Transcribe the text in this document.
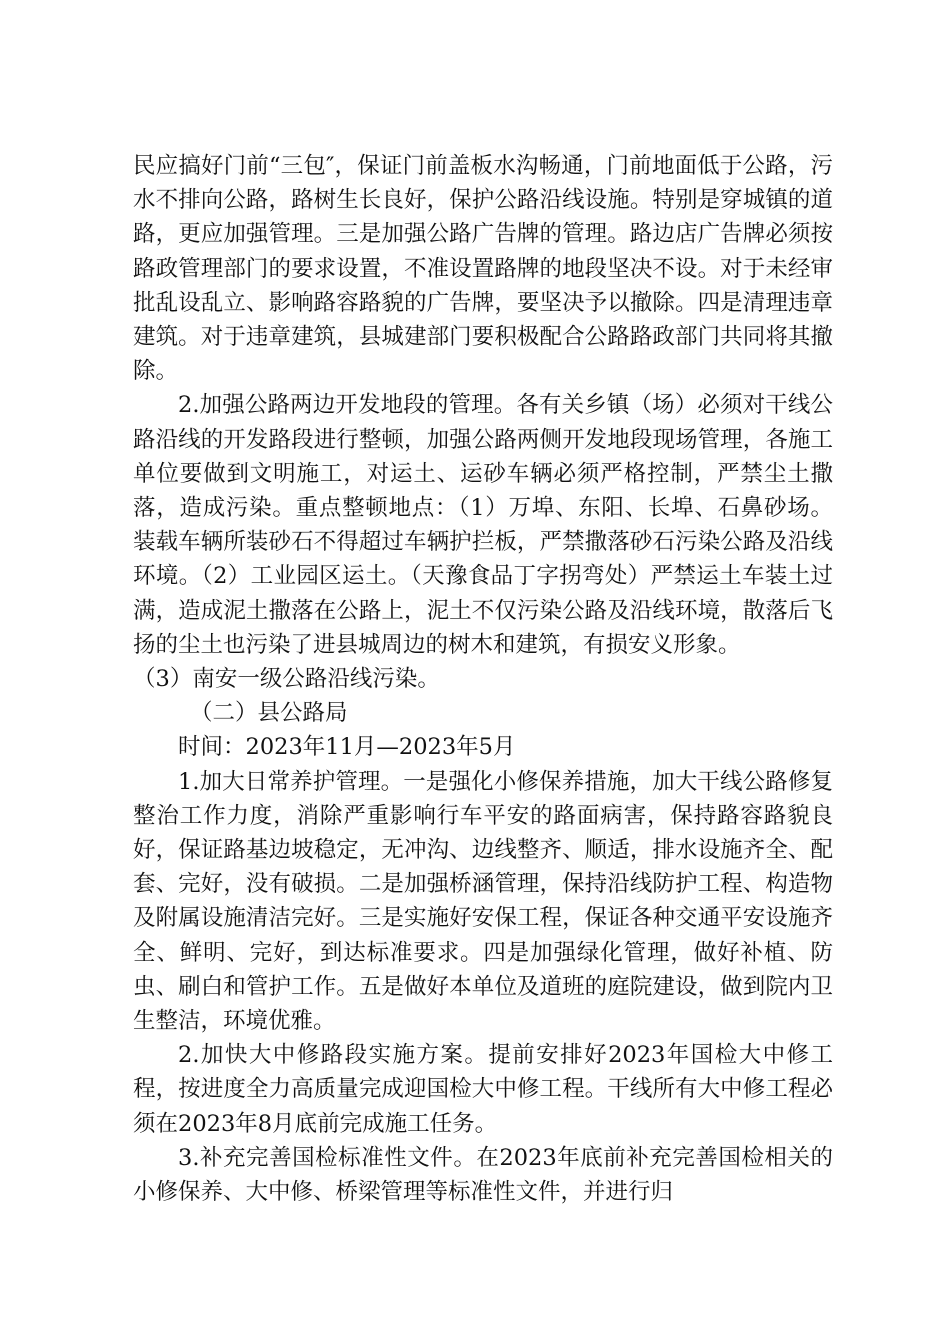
民应搞好门前“三包″，保证门前盖板水沟畅通，门前地面低于公路，污水不排向公路，路树生长良好，保护公路沿线设施。特别是穿城镇的道路，更应加强管理。三是加强公路广告牌的管理。路边店广告牌必须按路政管理部门的要求设置，不准设置路牌的地段坚决不设。对于未经审批乱设乱立、影响路容路貌的广告牌，要坚决予以撤除。四是清理违章建筑。对于违章建筑，县城建部门要积极配合公路路政部门共同将其撤除。

2.加强公路两边开发地段的管理。各有关乡镇（场）必须对干线公路沿线的开发路段进行整顿，加强公路两侧开发地段现场管理，各施工单位要做到文明施工，对运土、运砂车辆必须严格控制，严禁尘土撒落，造成污染。重点整顿地点：（1）万埠、东阳、长埠、石鼻砂场。装载车辆所装砂石不得超过车辆护拦板，严禁撒落砂石污染公路及沿线环境。（2）工业园区运土。（天豫食品丁字拐弯处）严禁运土车装土过满，造成泥土撒落在公路上，泥土不仅污染公路及沿线环境，散落后飞扬的尘土也污染了进县城周边的树木和建筑，有损安义形象。

（3）南安一级公路沿线污染。

（二）县公路局

时间：2023年11月—2023年5月

1.加大日常养护管理。一是强化小修保养措施，加大干线公路修复整治工作力度，消除严重影响行车平安的路面病害，保持路容路貌良好，保证路基边坡稳定，无冲沟、边线整齐、顺适，排水设施齐全、配套、完好，没有破损。二是加强桥涵管理，保持沿线防护工程、构造物及附属设施清洁完好。三是实施好安保工程，保证各种交通平安设施齐全、鲜明、完好，到达标准要求。四是加强绿化管理，做好补植、防虫、刷白和管护工作。五是做好本单位及道班的庭院建设，做到院内卫生整洁，环境优雅。

2.加快大中修路段实施方案。提前安排好2023年国检大中修工程，按进度全力高质量完成迎国检大中修工程。干线所有大中修工程必须在2023年8月底前完成施工任务。

3.补充完善国检标准性文件。在2023年底前补充完善国检相关的小修保养、大中修、桥梁管理等标准性文件，并进行归
